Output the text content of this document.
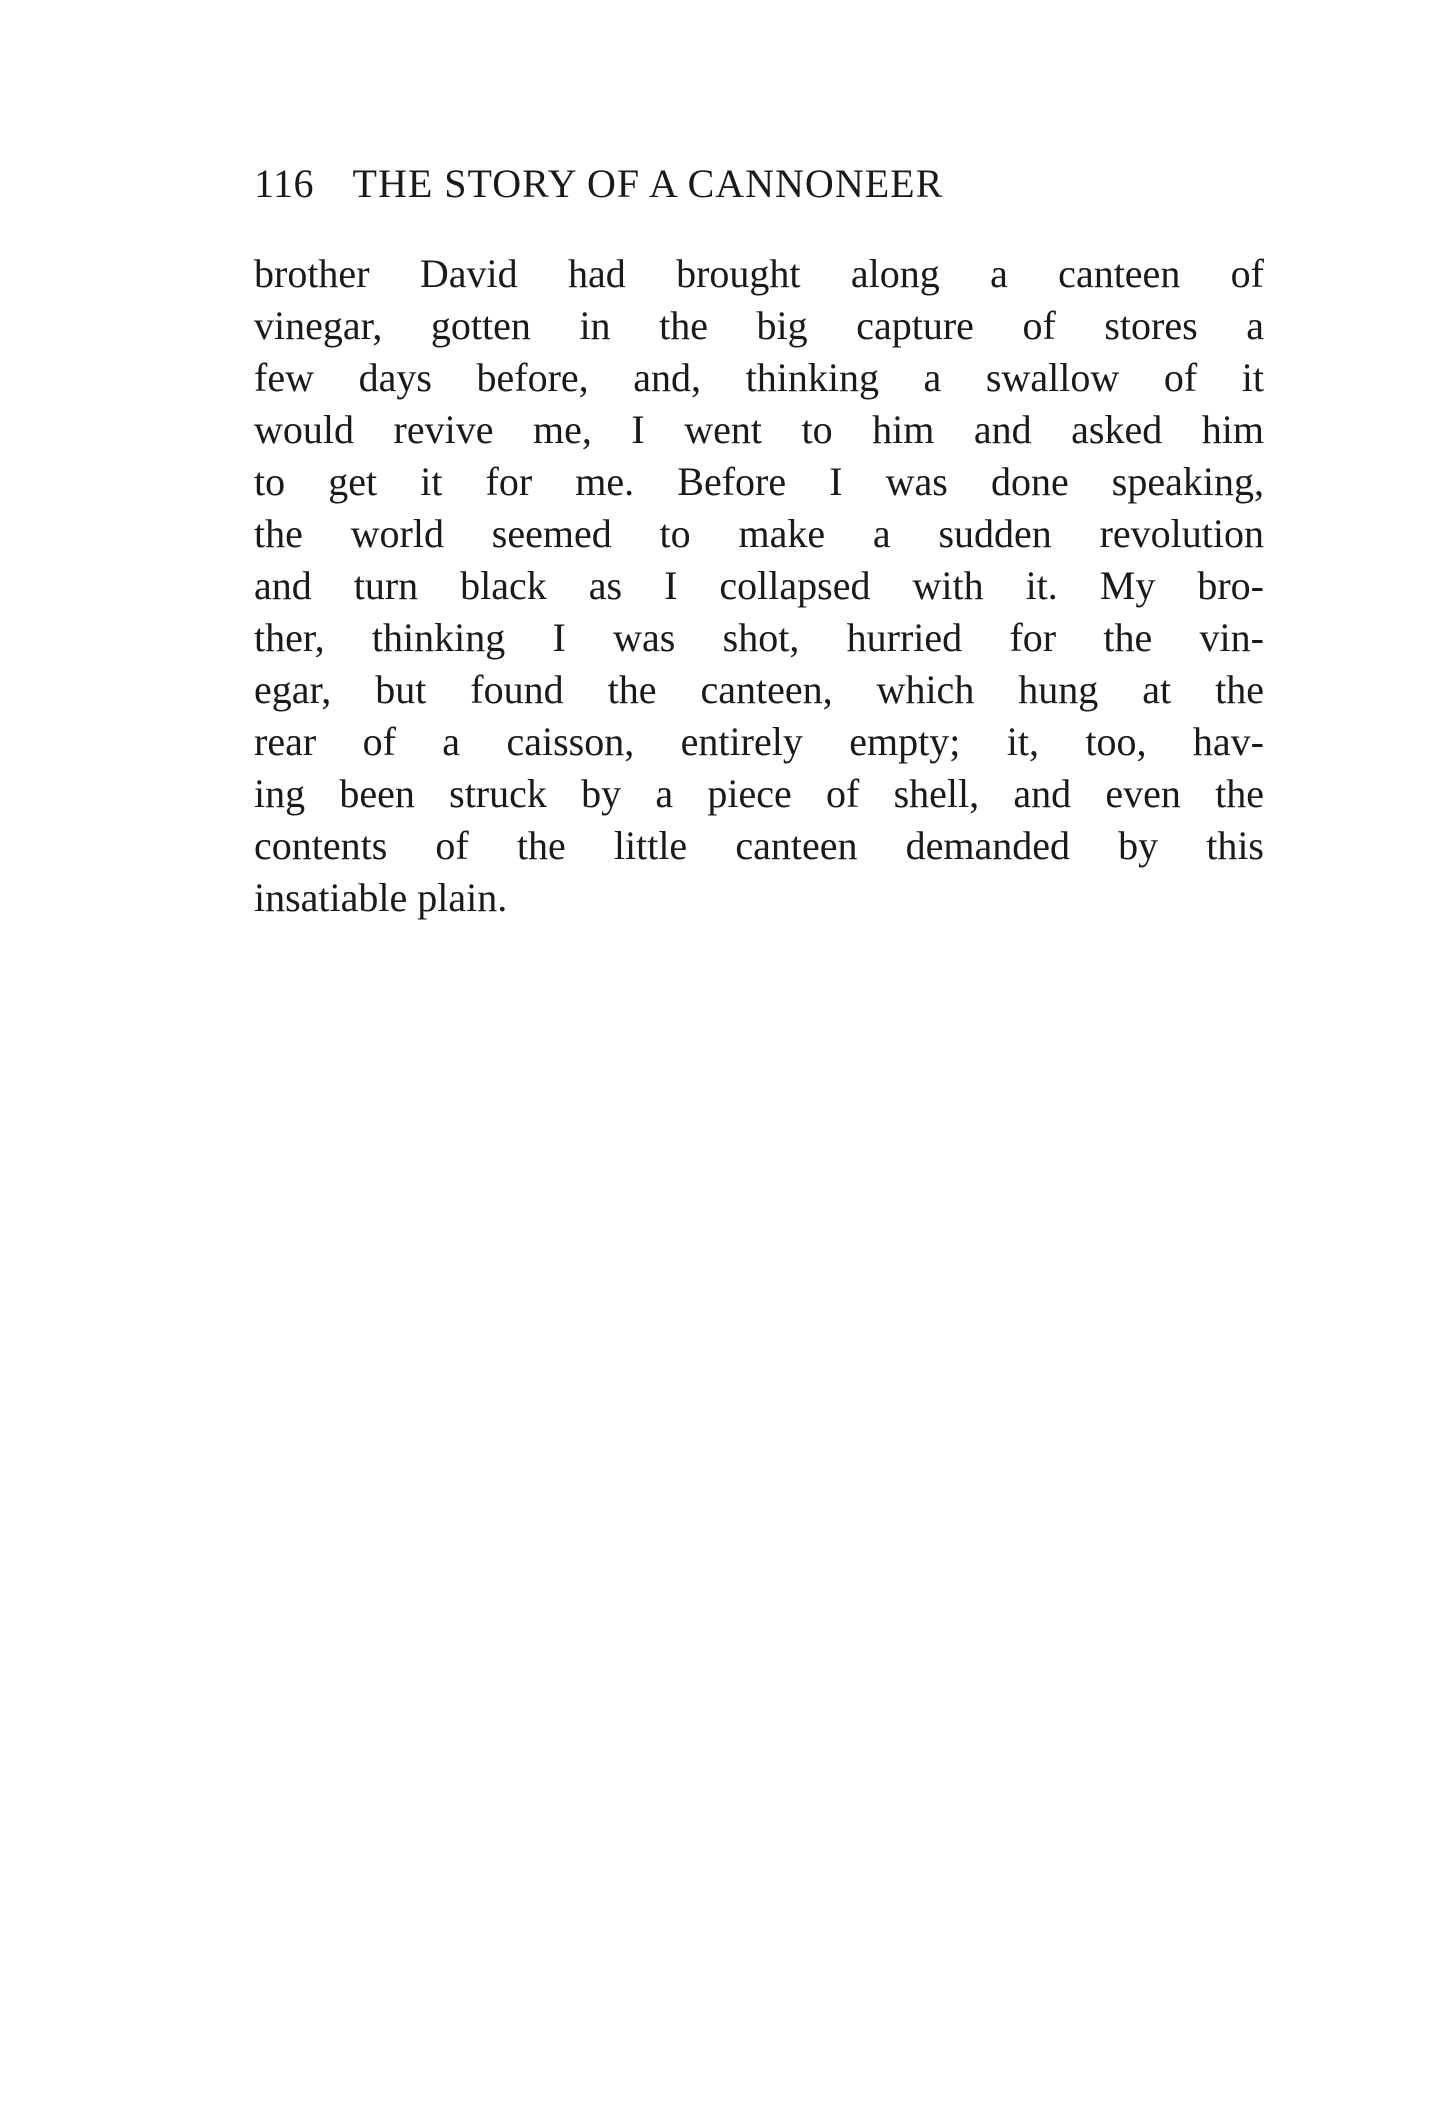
116 THE STORY OF A CANNONEER
brother David had brought along a canteen of
vinegar, gotten in the big capture of stores a
few days before, and, thinking a swallow of it
would revive me, I went to him and asked him
to get it for me. Before I was done speaking,
the world seemed to make a sudden revolution
and turn black as I collapsed with it. My bro-
ther, thinking I was shot, hurried for the vin-
egar, but found the canteen, which hung at the
rear of a caisson, entirely empty; it, too, hav-
ing been struck by a piece of shell, and even the
contents of the little canteen demanded by this
insatiable plain.
